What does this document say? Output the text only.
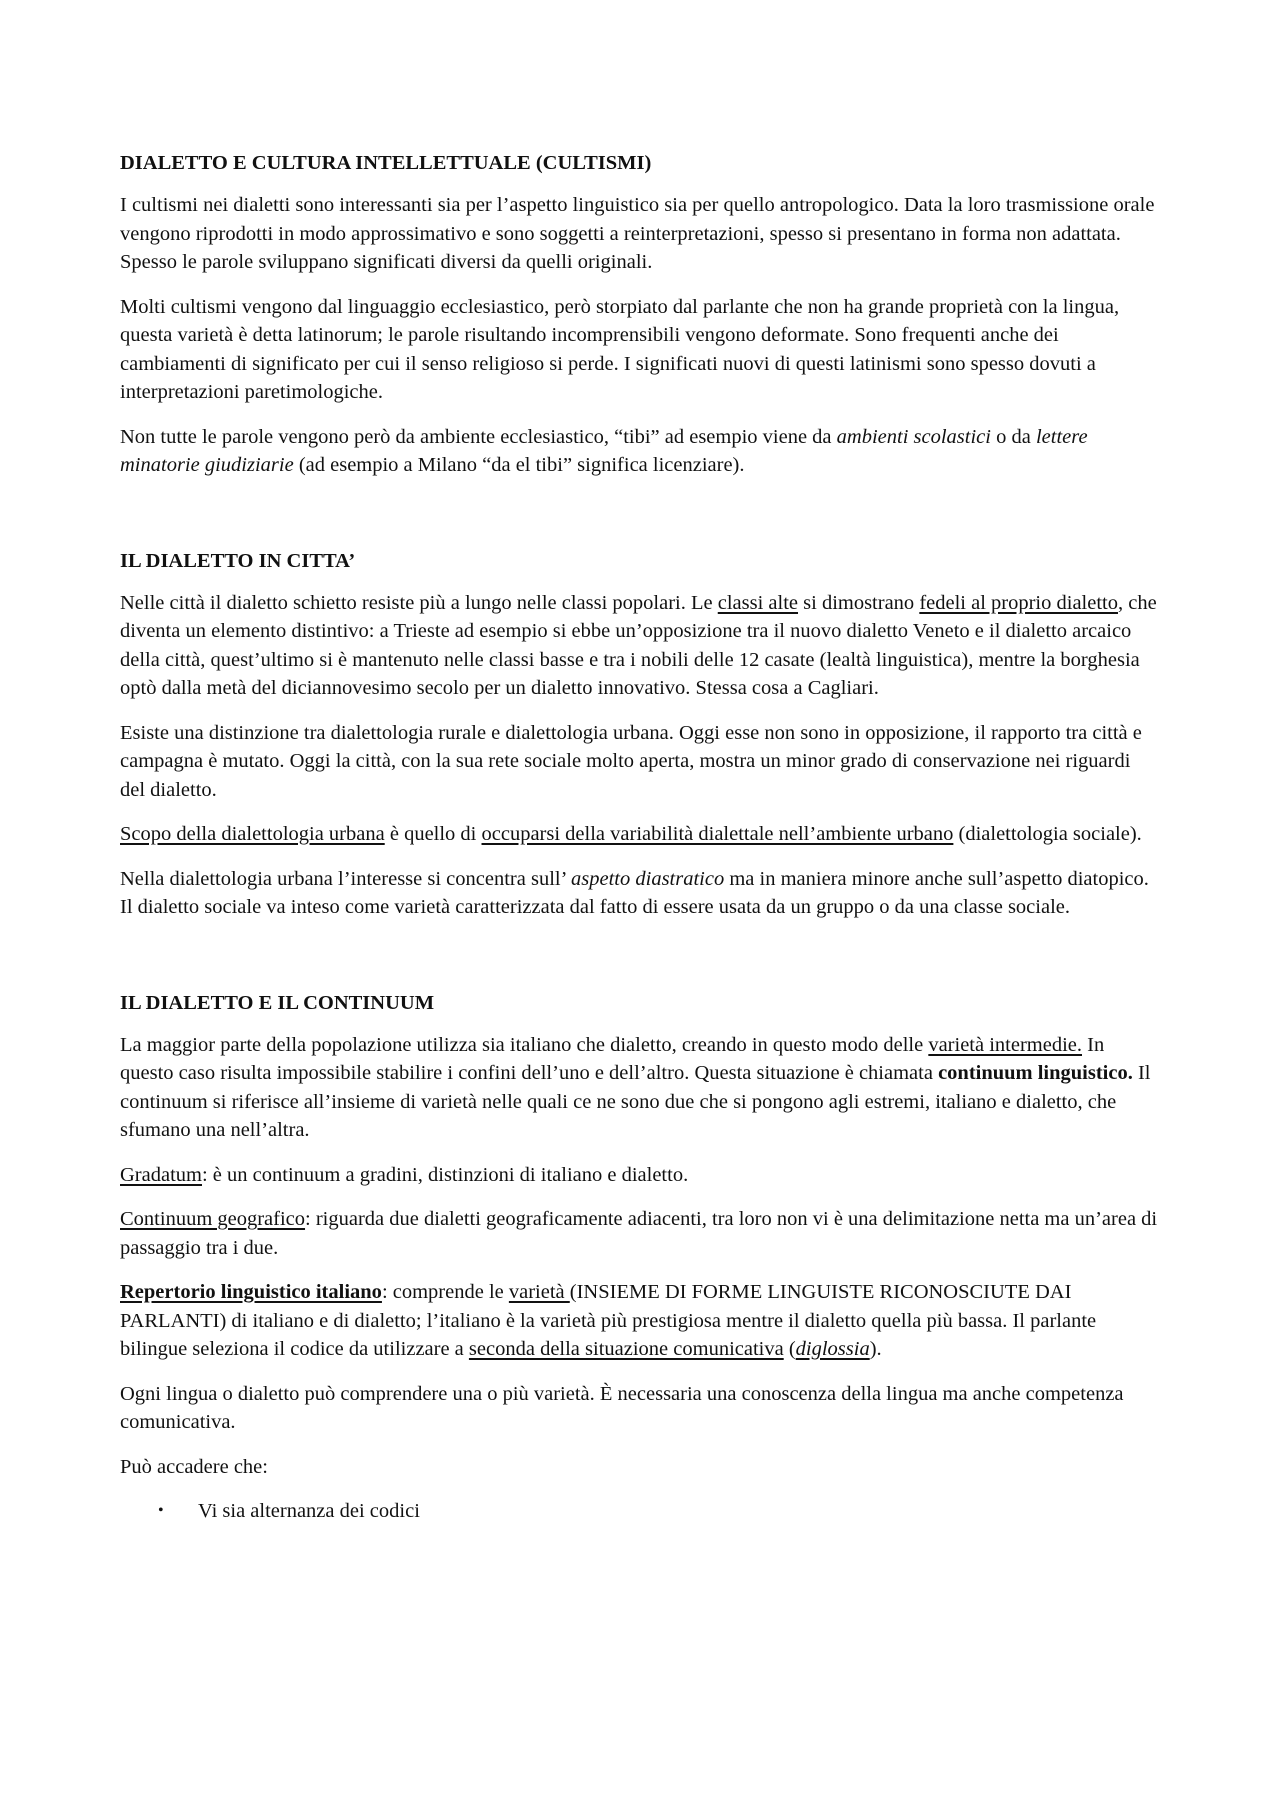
DIALETTO E CULTURA INTELLETTUALE (CULTISMI)

I cultismi nei dialetti sono interessanti sia per l’aspetto linguistico sia per quello antropologico. Data la loro trasmissione orale vengono riprodotti in modo approssimativo e sono soggetti a reinterpretazioni, spesso si presentano in forma non adattata. Spesso le parole sviluppano significati diversi da quelli originali.

Molti cultismi vengono dal linguaggio ecclesiastico, però storpiato dal parlante che non ha grande proprietà con la lingua, questa varietà è detta latinorum; le parole risultando incomprensibili vengono deformate. Sono frequenti anche dei cambiamenti di significato per cui il senso religioso si perde. I significati nuovi di questi latinismi sono spesso dovuti a interpretazioni paretimologiche.

Non tutte le parole vengono però da ambiente ecclesiastico, “tibi” ad esempio viene da ambienti scolastici o da lettere minatorie giudiziarie (ad esempio a Milano “da el tibi” significa licenziare).

IL DIALETTO IN CITTA’

Nelle città il dialetto schietto resiste più a lungo nelle classi popolari. Le classi alte si dimostrano fedeli al proprio dialetto, che diventa un elemento distintivo: a Trieste ad esempio si ebbe un’opposizione tra il nuovo dialetto Veneto e il dialetto arcaico della città, quest’ultimo si è mantenuto nelle classi basse e tra i nobili delle 12 casate (lealtà linguistica), mentre la borghesia optò dalla metà del diciannovesimo secolo per un dialetto innovativo. Stessa cosa a Cagliari.

Esiste una distinzione tra dialettologia rurale e dialettologia urbana. Oggi esse non sono in opposizione, il rapporto tra città e campagna è mutato. Oggi la città, con la sua rete sociale molto aperta, mostra un minor grado di conservazione nei riguardi del dialetto.

Scopo della dialettologia urbana è quello di occuparsi della variabilità dialettale nell’ambiente urbano (dialettologia sociale).

Nella dialettologia urbana l’interesse si concentra sull’ aspetto diastratico ma in maniera minore anche sull’aspetto diatopico. Il dialetto sociale va inteso come varietà caratterizzata dal fatto di essere usata da un gruppo o da una classe sociale.

IL DIALETTO E IL CONTINUUM

La maggior parte della popolazione utilizza sia italiano che dialetto, creando in questo modo delle varietà intermedie. In questo caso risulta impossibile stabilire i confini dell’uno e dell’altro. Questa situazione è chiamata continuum linguistico. Il continuum si riferisce all’insieme di varietà nelle quali ce ne sono due che si pongono agli estremi, italiano e dialetto, che sfumano una nell’altra.

Gradatum: è un continuum a gradini, distinzioni di italiano e dialetto.

Continuum geografico: riguarda due dialetti geograficamente adiacenti, tra loro non vi è una delimitazione netta ma un’area di passaggio tra i due.

Repertorio linguistico italiano: comprende le varietà (INSIEME DI FORME LINGUISTE RICONOSCIUTE DAI PARLANTI) di italiano e di dialetto; l’italiano è la varietà più prestigiosa mentre il dialetto quella più bassa. Il parlante bilingue seleziona il codice da utilizzare a seconda della situazione comunicativa (diglossia).

Ogni lingua o dialetto può comprendere una o più varietà. È necessaria una conoscenza della lingua ma anche competenza comunicativa.

Può accadere che:

• Vi sia alternanza dei codici
